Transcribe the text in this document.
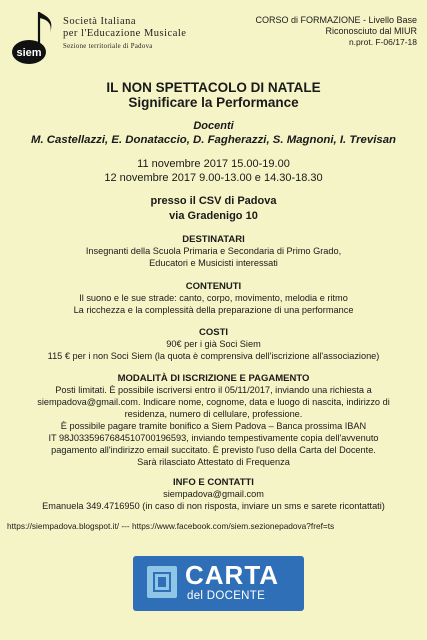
siem
Società Italiana
per l'Educazione Musicale
Sezione territoriale di Padova
CORSO di FORMAZIONE - Livello Base
Riconosciuto dal MIUR
n.prot. F-06/17-18
IL NON SPETTACOLO DI NATALE
Significare la Performance
Docenti
M. Castellazzi, E. Donataccio, D. Fagherazzi, S. Magnoni, I. Trevisan
11 novembre 2017 15.00-19.00
12 novembre 2017 9.00-13.00 e 14.30-18.30
presso il CSV di Padova
via Gradenigo 10
DESTINATARI
Insegnanti della Scuola Primaria e Secondaria di Primo Grado,
Educatori e Musicisti interessati
CONTENUTI
Il suono e le sue strade: canto, corpo, movimento, melodia e ritmo
La ricchezza e la complessità della preparazione di una performance
COSTI
90€ per i già Soci Siem
115 € per i non Soci Siem (la quota è comprensiva dell'iscrizione all'associazione)
MODALITÀ DI ISCRIZIONE E PAGAMENTO
Posti limitati. È possibile iscriversi entro il 05/11/2017, inviando una richiesta a
siempadova@gmail.com. Indicare nome, cognome, data e luogo di nascita, indirizzo di
residenza, numero di cellulare, professione.
È possibile pagare tramite bonifico a Siem Padova – Banca prossima IBAN
IT 98J0335967684510700196593, inviando tempestivamente copia dell'avvenuto
pagamento all'indirizzo email succitato. È previsto l'uso della Carta del Docente.
Sarà rilasciato Attestato di Frequenza
INFO E CONTATTI
siempadova@gmail.com
Emanuela 349.4716950 (in caso di non risposta, inviare un sms e sarete ricontattati)
https://siempadova.blogspot.it/ --- https://www.facebook.com/siem.sezionepadova?fref=ts
CARTA
del DOCENTE
